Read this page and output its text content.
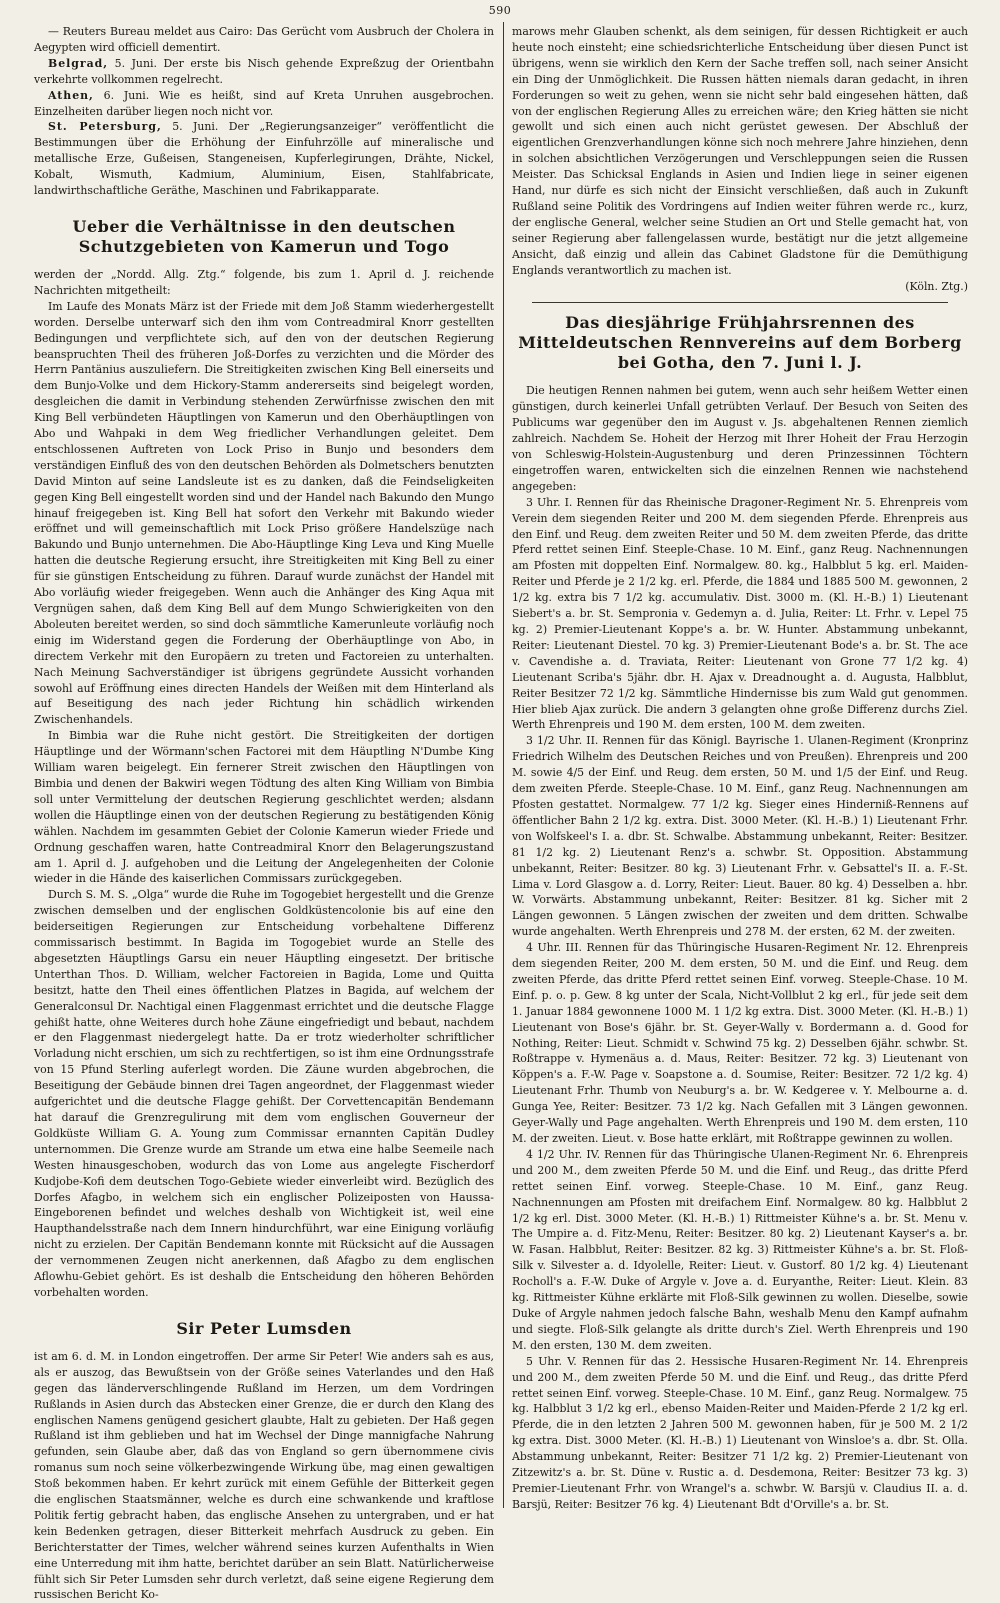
590

— Reuters Bureau meldet aus Cairo: Das Gerücht vom Ausbruch der Cholera in Aegypten wird officiell dementirt.

Belgrad, 5. Juni. Der erste bis Nisch gehende Expreßzug der Orientbahn verkehrte vollkommen regelrecht.

Athen, 6. Juni. Wie es heißt, sind auf Kreta Unruhen ausgebrochen. Einzelheiten darüber liegen noch nicht vor.

St. Petersburg, 5. Juni. Der „Regierungsanzeiger“ veröffentlicht die Bestimmungen über die Erhöhung der Einfuhrzölle auf mineralische und metallische Erze, Gußeisen, Stangeneisen, Kupferlegirungen, Drähte, Nickel, Kobalt, Wismuth, Kadmium, Aluminium, Eisen, Stahlfabricate, landwirthschaftliche Geräthe, Maschinen und Fabrikapparate.

Ueber die Verhältnisse in den deutschen Schutzgebieten von Kamerun und Togo

werden der „Nordd. Allg. Ztg.“ folgende, bis zum 1. April d. J. reichende Nachrichten mitgetheilt:

Im Laufe des Monats März ist der Friede mit dem Joß Stamm wiederhergestellt worden. Derselbe unterwarf sich den ihm vom Contreadmiral Knorr gestellten Bedingungen und verpflichtete sich, auf den von der deutschen Regierung beanspruchten Theil des früheren Joß-Dorfes zu verzichten und die Mörder des Herrn Pantänius auszuliefern. Die Streitigkeiten zwischen King Bell einerseits und dem Bunjo-Volke und dem Hickory-Stamm andererseits sind beigelegt worden, desgleichen die damit in Verbindung stehenden Zerwürfnisse zwischen den mit King Bell verbündeten Häuptlingen von Kamerun und den Oberhäuptlingen von Abo und Wahpaki in dem Weg friedlicher Verhandlungen geleitet. Dem entschlossenen Auftreten von Lock Priso in Bunjo und besonders dem verständigen Einfluß des von den deutschen Behörden als Dolmetschers benutzten David Minton auf seine Landsleute ist es zu danken, daß die Feindseligkeiten gegen King Bell eingestellt worden sind und der Handel nach Bakundo den Mungo hinauf freigegeben ist. King Bell hat sofort den Verkehr mit Bakundo wieder eröffnet und will gemeinschaftlich mit Lock Priso größere Handelszüge nach Bakundo und Bunjo unternehmen. Die Abo-Häuptlinge King Leva und King Muelle hatten die deutsche Regierung ersucht, ihre Streitigkeiten mit King Bell zu einer für sie günstigen Entscheidung zu führen. Darauf wurde zunächst der Handel mit Abo vorläufig wieder freigegeben. Wenn auch die Anhänger des King Aqua mit Vergnügen sahen, daß dem King Bell auf dem Mungo Schwierigkeiten von den Aboleuten bereitet werden, so sind doch sämmtliche Kamerunleute vorläufig noch einig im Widerstand gegen die Forderung der Oberhäuptlinge von Abo, in directem Verkehr mit den Europäern zu treten und Factoreien zu unterhalten. Nach Meinung Sachverständiger ist übrigens gegründete Aussicht vorhanden sowohl auf Eröffnung eines directen Handels der Weißen mit dem Hinterland als auf Beseitigung des nach jeder Richtung hin schädlich wirkenden Zwischenhandels.

In Bimbia war die Ruhe nicht gestört. Die Streitigkeiten der dortigen Häuptlinge und der Wörmann'schen Factorei mit dem Häuptling N'Dumbe King William waren beigelegt. Ein fernerer Streit zwischen den Häuptlingen von Bimbia und denen der Bakwiri wegen Tödtung des alten King William von Bimbia soll unter Vermittelung der deutschen Regierung geschlichtet werden; alsdann wollen die Häuptlinge einen von der deutschen Regierung zu bestätigenden König wählen. Nachdem im gesammten Gebiet der Colonie Kamerun wieder Friede und Ordnung geschaffen waren, hatte Contreadmiral Knorr den Belagerungszustand am 1. April d. J. aufgehoben und die Leitung der Angelegenheiten der Colonie wieder in die Hände des kaiserlichen Commissars zurückgegeben.

Durch S. M. S. „Olga“ wurde die Ruhe im Togogebiet hergestellt und die Grenze zwischen demselben und der englischen Goldküstencolonie bis auf eine den beiderseitigen Regierungen zur Entscheidung vorbehaltene Differenz commissarisch bestimmt. In Bagida im Togogebiet wurde an Stelle des abgesetzten Häuptlings Garsu ein neuer Häuptling eingesetzt. Der britische Unterthan Thos. D. William, welcher Factoreien in Bagida, Lome und Quitta besitzt, hatte den Theil eines öffentlichen Platzes in Bagida, auf welchem der Generalconsul Dr. Nachtigal einen Flaggenmast errichtet und die deutsche Flagge gehißt hatte, ohne Weiteres durch hohe Zäune eingefriedigt und bebaut, nachdem er den Flaggenmast niedergelegt hatte. Da er trotz wiederholter schriftlicher Vorladung nicht erschien, um sich zu rechtfertigen, so ist ihm eine Ordnungsstrafe von 15 Pfund Sterling auferlegt worden. Die Zäune wurden abgebrochen, die Beseitigung der Gebäude binnen drei Tagen angeordnet, der Flaggenmast wieder aufgerichtet und die deutsche Flagge gehißt. Der Corvettencapitän Bendemann hat darauf die Grenzregulirung mit dem vom englischen Gouverneur der Goldküste William G. A. Young zum Commissar ernannten Capitän Dudley unternommen. Die Grenze wurde am Strande um etwa eine halbe Seemeile nach Westen hinausgeschoben, wodurch das von Lome aus angelegte Fischerdorf Kudjobe-Kofi dem deutschen Togo-Gebiete wieder einverleibt wird. Bezüglich des Dorfes Afagbo, in welchem sich ein englischer Polizeiposten von Haussa-Eingeborenen befindet und welches deshalb von Wichtigkeit ist, weil eine Haupthandelsstraße nach dem Innern hindurchführt, war eine Einigung vorläufig nicht zu erzielen. Der Capitän Bendemann konnte mit Rücksicht auf die Aussagen der vernommenen Zeugen nicht anerkennen, daß Afagbo zu dem englischen Aflowhu-Gebiet gehört. Es ist deshalb die Entscheidung den höheren Behörden vorbehalten worden.

Sir Peter Lumsden

ist am 6. d. M. in London eingetroffen. Der arme Sir Peter! Wie anders sah es aus, als er auszog, das Bewußtsein von der Größe seines Vaterlandes und den Haß gegen das länderverschlingende Rußland im Herzen, um dem Vordringen Rußlands in Asien durch das Abstecken einer Grenze, die er durch den Klang des englischen Namens genügend gesichert glaubte, Halt zu gebieten. Der Haß gegen Rußland ist ihm geblieben und hat im Wechsel der Dinge mannigfache Nahrung gefunden, sein Glaube aber, daß das von England so gern übernommene civis romanus sum noch seine völkerbezwingende Wirkung übe, mag einen gewaltigen Stoß bekommen haben. Er kehrt zurück mit einem Gefühle der Bitterkeit gegen die englischen Staatsmänner, welche es durch eine schwankende und kraftlose Politik fertig gebracht haben, das englische Ansehen zu untergraben, und er hat kein Bedenken getragen, dieser Bitterkeit mehrfach Ausdruck zu geben. Ein Berichterstatter der Times, welcher während seines kurzen Aufenthalts in Wien eine Unterredung mit ihm hatte, berichtet darüber an sein Blatt. Natürlicherweise fühlt sich Sir Peter Lumsden sehr durch verletzt, daß seine eigene Regierung dem russischen Bericht Ko-

marows mehr Glauben schenkt, als dem seinigen, für dessen Richtigkeit er auch heute noch einsteht; eine schiedsrichterliche Entscheidung über diesen Punct ist übrigens, wenn sie wirklich den Kern der Sache treffen soll, nach seiner Ansicht ein Ding der Unmöglichkeit. Die Russen hätten niemals daran gedacht, in ihren Forderungen so weit zu gehen, wenn sie nicht sehr bald eingesehen hätten, daß von der englischen Regierung Alles zu erreichen wäre; den Krieg hätten sie nicht gewollt und sich einen auch nicht gerüstet gewesen. Der Abschluß der eigentlichen Grenzverhandlungen könne sich noch mehrere Jahre hinziehen, denn in solchen absichtlichen Verzögerungen und Verschleppungen seien die Russen Meister. Das Schicksal Englands in Asien und Indien liege in seiner eigenen Hand, nur dürfe es sich nicht der Einsicht verschließen, daß auch in Zukunft Rußland seine Politik des Vordringens auf Indien weiter führen werde rc., kurz, der englische General, welcher seine Studien an Ort und Stelle gemacht hat, von seiner Regierung aber fallengelassen wurde, bestätigt nur die jetzt allgemeine Ansicht, daß einzig und allein das Cabinet Gladstone für die Demüthigung Englands verantwortlich zu machen ist.

(Köln. Ztg.)
Das diesjährige Frühjahrsrennen des Mitteldeutschen Rennvereins auf dem Borberg bei Gotha, den 7. Juni l. J.

Die heutigen Rennen nahmen bei gutem, wenn auch sehr heißem Wetter einen günstigen, durch keinerlei Unfall getrübten Verlauf. Der Besuch von Seiten des Publicums war gegenüber den im August v. Js. abgehaltenen Rennen ziemlich zahlreich. Nachdem Se. Hoheit der Herzog mit Ihrer Hoheit der Frau Herzogin von Schleswig-Holstein-Augustenburg und deren Prinzessinnen Töchtern eingetroffen waren, entwickelten sich die einzelnen Rennen wie nachstehend angegeben:

3 Uhr. I. Rennen für das Rheinische Dragoner-Regiment Nr. 5. Ehrenpreis vom Verein dem siegenden Reiter und 200 M. dem siegenden Pferde. Ehrenpreis aus den Einf. und Reug. dem zweiten Reiter und 50 M. dem zweiten Pferde, das dritte Pferd rettet seinen Einf. Steeple-Chase. 10 M. Einf., ganz Reug. Nachnennungen am Pfosten mit doppelten Einf. Normalgew. 80. kg., Halbblut 5 kg. erl. Maiden-Reiter und Pferde je 2 1/2 kg. erl. Pferde, die 1884 und 1885 500 M. gewonnen, 2 1/2 kg. extra bis 7 1/2 kg. accumulativ. Dist. 3000 m. (Kl. H.-B.) 1) Lieutenant Siebert's a. br. St. Sempronia v. Gedemyn a. d. Julia, Reiter: Lt. Frhr. v. Lepel 75 kg. 2) Premier-Lieutenant Koppe's a. br. W. Hunter. Abstammung unbekannt, Reiter: Lieutenant Diestel. 70 kg. 3) Premier-Lieutenant Bode's a. br. St. The ace v. Cavendishe a. d. Traviata, Reiter: Lieutenant von Grone 77 1/2 kg. 4) Lieutenant Scriba's 5jähr. dbr. H. Ajax v. Dreadnought a. d. Augusta, Halbblut, Reiter Besitzer 72 1/2 kg. Sämmtliche Hindernisse bis zum Wald gut genommen. Hier blieb Ajax zurück. Die andern 3 gelangten ohne große Differenz durchs Ziel. Werth Ehrenpreis und 190 M. dem ersten, 100 M. dem zweiten.

3 1/2 Uhr. II. Rennen für das Königl. Bayrische 1. Ulanen-Regiment (Kronprinz Friedrich Wilhelm des Deutschen Reiches und von Preußen). Ehrenpreis und 200 M. sowie 4/5 der Einf. und Reug. dem ersten, 50 M. und 1/5 der Einf. und Reug. dem zweiten Pferde. Steeple-Chase. 10 M. Einf., ganz Reug. Nachnennungen am Pfosten gestattet. Normalgew. 77 1/2 kg. Sieger eines Hinderniß-Rennens auf öffentlicher Bahn 2 1/2 kg. extra. Dist. 3000 Meter. (Kl. H.-B.) 1) Lieutenant Frhr. von Wolfskeel's I. a. dbr. St. Schwalbe. Abstammung unbekannt, Reiter: Besitzer. 81 1/2 kg. 2) Lieutenant Renz's a. schwbr. St. Opposition. Abstammung unbekannt, Reiter: Besitzer. 80 kg. 3) Lieutenant Frhr. v. Gebsattel's II. a. F.-St. Lima v. Lord Glasgow a. d. Lorry, Reiter: Lieut. Bauer. 80 kg. 4) Desselben a. hbr. W. Vorwärts. Abstammung unbekannt, Reiter: Besitzer. 81 kg. Sicher mit 2 Längen gewonnen. 5 Längen zwischen der zweiten und dem dritten. Schwalbe wurde angehalten. Werth Ehrenpreis und 278 M. der ersten, 62 M. der zweiten.

4 Uhr. III. Rennen für das Thüringische Husaren-Regiment Nr. 12. Ehrenpreis dem siegenden Reiter, 200 M. dem ersten, 50 M. und die Einf. und Reug. dem zweiten Pferde, das dritte Pferd rettet seinen Einf. vorweg. Steeple-Chase. 10 M. Einf. p. o. p. Gew. 8 kg unter der Scala, Nicht-Vollblut 2 kg erl., für jede seit dem 1. Januar 1884 gewonnene 1000 M. 1 1/2 kg extra. Dist. 3000 Meter. (Kl. H.-B.) 1) Lieutenant von Bose's 6jähr. br. St. Geyer-Wally v. Bordermann a. d. Good for Nothing, Reiter: Lieut. Schmidt v. Schwind 75 kg. 2) Desselben 6jähr. schwbr. St. Roßtrappe v. Hymenäus a. d. Maus, Reiter: Besitzer. 72 kg. 3) Lieutenant von Köppen's a. F.-W. Page v. Soapstone a. d. Soumise, Reiter: Besitzer. 72 1/2 kg. 4) Lieutenant Frhr. Thumb von Neuburg's a. br. W. Kedgeree v. Y. Melbourne a. d. Gunga Yee, Reiter: Besitzer. 73 1/2 kg. Nach Gefallen mit 3 Längen gewonnen. Geyer-Wally und Page angehalten. Werth Ehrenpreis und 190 M. dem ersten, 110 M. der zweiten. Lieut. v. Bose hatte erklärt, mit Roßtrappe gewinnen zu wollen.

4 1/2 Uhr. IV. Rennen für das Thüringische Ulanen-Regiment Nr. 6. Ehrenpreis und 200 M., dem zweiten Pferde 50 M. und die Einf. und Reug., das dritte Pferd rettet seinen Einf. vorweg. Steeple-Chase. 10 M. Einf., ganz Reug. Nachnennungen am Pfosten mit dreifachem Einf. Normalgew. 80 kg. Halbblut 2 1/2 kg erl. Dist. 3000 Meter. (Kl. H.-B.) 1) Rittmeister Kühne's a. br. St. Menu v. The Umpire a. d. Fitz-Menu, Reiter: Besitzer. 80 kg. 2) Lieutenant Kayser's a. br. W. Fasan. Halbblut, Reiter: Besitzer. 82 kg. 3) Rittmeister Kühne's a. br. St. Floß-Silk v. Silvester a. d. Idyolelle, Reiter: Lieut. v. Gustorf. 80 1/2 kg. 4) Lieutenant Rocholl's a. F.-W. Duke of Argyle v. Jove a. d. Euryanthe, Reiter: Lieut. Klein. 83 kg. Rittmeister Kühne erklärte mit Floß-Silk gewinnen zu wollen. Dieselbe, sowie Duke of Argyle nahmen jedoch falsche Bahn, weshalb Menu den Kampf aufnahm und siegte. Floß-Silk gelangte als dritte durch's Ziel. Werth Ehrenpreis und 190 M. den ersten, 130 M. dem zweiten.

5 Uhr. V. Rennen für das 2. Hessische Husaren-Regiment Nr. 14. Ehrenpreis und 200 M., dem zweiten Pferde 50 M. und die Einf. und Reug., das dritte Pferd rettet seinen Einf. vorweg. Steeple-Chase. 10 M. Einf., ganz Reug. Normalgew. 75 kg. Halbblut 3 1/2 kg erl., ebenso Maiden-Reiter und Maiden-Pferde 2 1/2 kg erl. Pferde, die in den letzten 2 Jahren 500 M. gewonnen haben, für je 500 M. 2 1/2 kg extra. Dist. 3000 Meter. (Kl. H.-B.) 1) Lieutenant von Winsloe's a. dbr. St. Olla. Abstammung unbekannt, Reiter: Besitzer 71 1/2 kg. 2) Premier-Lieutenant von Zitzewitz's a. br. St. Düne v. Rustic a. d. Desdemona, Reiter: Besitzer 73 kg. 3) Premier-Lieutenant Frhr. von Wrangel's a. schwbr. W. Barsjü v. Claudius II. a. d. Barsjü, Reiter: Besitzer 76 kg. 4) Lieutenant Bdt d'Orville's a. br. St.
